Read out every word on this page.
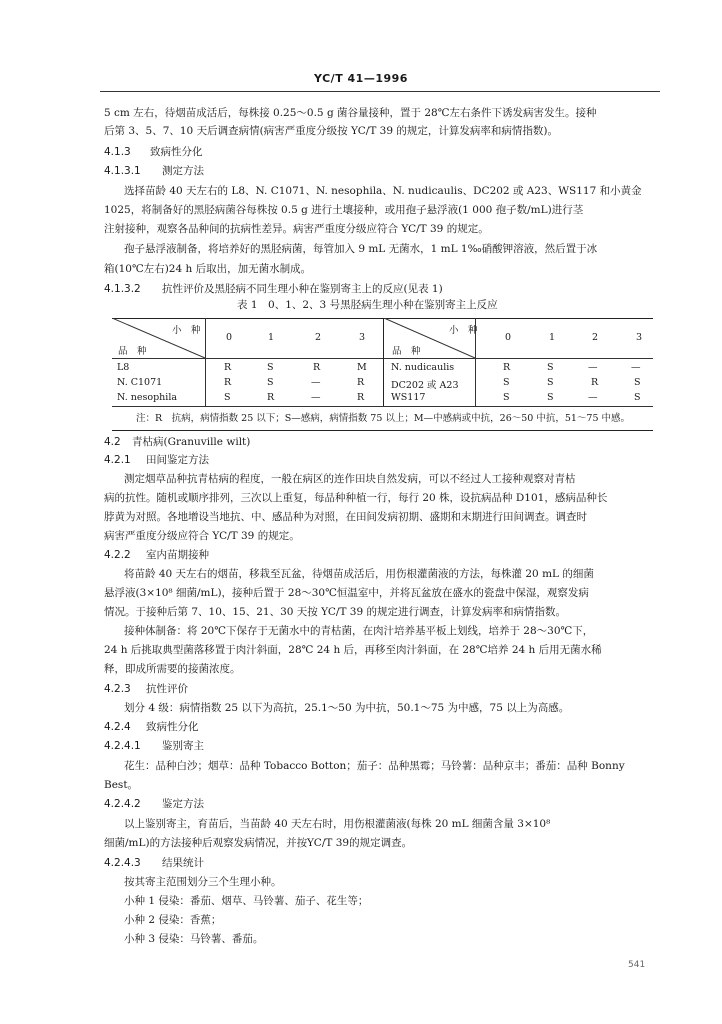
YC/T 41—1996
5 cm 左右，待烟苗成活后，每株接 0.25～0.5 g 菌谷量接种，置于 28℃左右条件下诱发病害发生。接种
后第 3、5、7、10 天后调查病情(病害严重度分级按 YC/T 39 的规定，计算发病率和病情指数)。
4.1.3 致病性分化
4.1.3.1 测定方法
选择苗龄 40 天左右的 L8、N. C1071、N. nesophila、N. nudicaulis、DC202 或 A23、WS117 和小黄金
1025，将制备好的黑胫病菌谷每株按 0.5 g 进行土壤接种，或用孢子悬浮液(1 000 孢子数/mL)进行茎
注射接种，观察各品种间的抗病性差异。病害严重度分级应符合 YC/T 39 的规定。
孢子悬浮液制备，将培养好的黑胫病菌，每管加入 9 mL 无菌水，1 mL 1‰硝酸钾溶液，然后置于冰
箱(10℃左右)24 h 后取出，加无菌水制成。
4.1.3.2 抗性评价及黑胫病不同生理小种在鉴别寄主上的反应(见表 1)
表 1　0、1、2、3 号黑胫病生理小种在鉴别寄主上反应
小　种
品　种
0	1	2	3
小　种
品　种
0	1	2	3
L8	R	S	R	M
N. C1071	R	S	—	R
N. nesophila	S	R	—	R
N. nudicaulis	R	S	—	—
DC202 或 A23	S	S	R	S
WS117	S	S	—	S
注：R　抗病，病情指数 25 以下；S—感病，病情指数 75 以上；M—中感病或中抗，26～50 中抗，51～75 中感。
4.2 青枯病(Granuville wilt)
4.2.1 田间鉴定方法
测定烟草品种抗青枯病的程度，一般在病区的连作田块自然发病，可以不经过人工接种观察对青枯
病的抗性。随机或顺序排列，三次以上重复，每品种种植一行，每行 20 株，设抗病品种 D101，感病品种长
脖黄为对照。各地增设当地抗、中、感品种为对照，在田间发病初期、盛期和末期进行田间调查。调查时
病害严重度分级应符合 YC/T 39 的规定。
4.2.2 室内苗期接种
将苗龄 40 天左右的烟苗，移栽至瓦盆，待烟苗成活后，用伤根灌菌液的方法，每株灌 20 mL 的细菌
悬浮液(3×10⁸ 细菌/mL)，接种后置于 28～30℃恒温室中，并将瓦盆放在盛水的瓷盘中保湿，观察发病
情况。于接种后第 7、10、15、21、30 天按 YC/T 39 的规定进行调查，计算发病率和病情指数。
接种体制备：将 20℃下保存于无菌水中的青枯菌，在肉汁培养基平板上划线，培养于 28～30℃下，
24 h 后挑取典型菌落移置于肉汁斜面，28℃ 24 h 后，再移至肉汁斜面，在 28℃培养 24 h 后用无菌水稀
释，即成所需要的接菌浓度。
4.2.3 抗性评价
划分 4 级：病情指数 25 以下为高抗，25.1～50 为中抗，50.1～75 为中感，75 以上为高感。
4.2.4 致病性分化
4.2.4.1 鉴别寄主
花生：品种白沙；烟草：品种 Tobacco Botton；茄子：品种黑霉；马铃薯：品种京丰；番茄：品种 Bonny
Best。
4.2.4.2 鉴定方法
以上鉴别寄主，育苗后，当苗龄 40 天左右时，用伤根灌菌液(每株 20 mL 细菌含量 3×10⁸
细菌/mL)的方法接种后观察发病情况，并按YC/T 39的规定调查。
4.2.4.3 结果统计
按其寄主范围划分三个生理小种。
小种 1 侵染：番茄、烟草、马铃薯、茄子、花生等；
小种 2 侵染：香蕉；
小种 3 侵染：马铃薯、番茄。
541
